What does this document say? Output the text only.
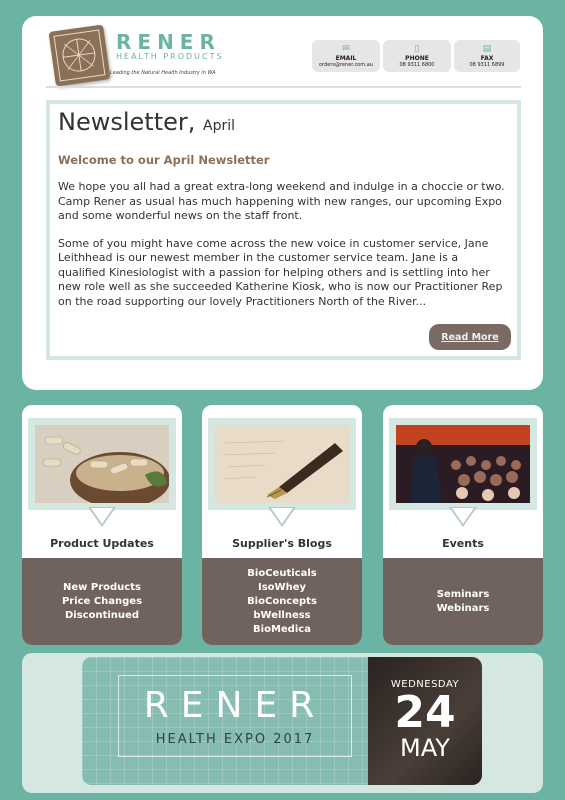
RENER
HEALTH PRODUCTS
Leading the Natural Health Industry in WA
✉
EMAIL
orders@rener.com.au
▯
PHONE
08 9311 6800
▤
FAX
08 9311 6899
Newsletter, April
Welcome to our April Newsletter

We hope you all had a great extra-long weekend and indulge in a choccie or two. Camp Rener as usual has much happening with new ranges, our upcoming Expo and some wonderful news on the staff front.

Some of you might have come across the new voice in customer service, Jane Leithhead is our newest member in the customer service team. Jane is a qualified Kinesiologist with a passion for helping others and is settling into her new role well as she succeeded Katherine Kiosk, who is now our Practitioner Rep on the road supporting our lovely Practitioners North of the River...

Read More
Product Updates
New Products
Price Changes
Discontinued
Supplier's Blogs
BioCeuticals
IsoWhey
BioConcepts
bWellness
BioMedica
Events
Seminars
Webinars
RENER
HEALTH EXPO 2017
WEDNESDAY
24
MAY
